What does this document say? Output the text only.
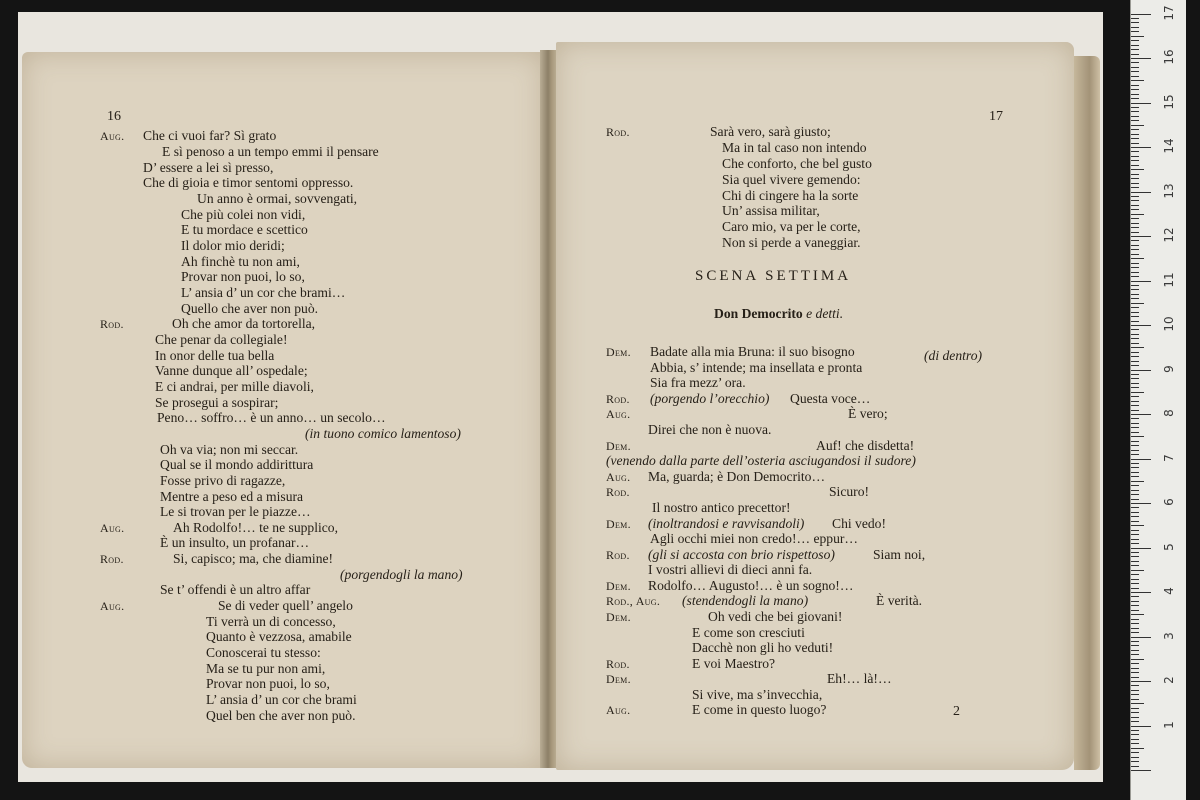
16	17
SCENA SETTIMA
Don Democrito e detti.
2
Aug. Che ci vuoi far? Sì grato
E sì penoso a un tempo emmi il pensare
D’ essere a lei sì presso,
Che di gioia e timor sentomi oppresso.
Un anno è ormai, sovvengati,
Che più colei non vidi,
E tu mordace e scettico
Il dolor mio deridi;
Ah finchè tu non ami,
Provar non puoi, lo so,
L’ ansia d’ un cor che brami…
Quello che aver non può.
Rod.	Oh che amor da tortorella,
Che penar da collegiale!
In onor delle tua bella
Vanne dunque all’ ospedale;
E ci andrai, per mille diavoli,
Se prosegui a sospirar;
Peno… soffro… è un anno… un secolo…
(in tuono comico lamentoso)
Oh va via; non mi seccar.
Qual se il mondo addirittura
Fosse privo di ragazze,
Mentre a peso ed a misura
Le si trovan per le piazze…
Aug.	Ah Rodolfo!… te ne supplico,
È un insulto, un profanar…
Rod.	Si, capisco; ma, che diamine!
(porgendogli la mano)
Se t’ offendi è un altro affar
Aug.	Se di veder quell’ angelo
Ti verrà un di concesso,
Quanto è vezzosa, amabile
Conoscerai tu stesso:
Ma se tu pur non ami,
Provar non puoi, lo so,
L’ ansia d’ un cor che brami
Quel ben che aver non può.
Rod.	Sarà vero, sarà giusto;
Ma in tal caso non intendo
Che conforto, che bel gusto
Sia quel vivere gemendo:
Chi di cingere ha la sorte
Un’ assisa militar,
Caro mio, va per le corte,
Non si perde a vaneggiar.
Dem. Badate alla mia Bruna: il suo bisogno	(di dentro)
Abbia, s’ intende; ma insellata e pronta
Sia fra mezz’ ora.
Rod. (porgendo l’orecchio) Questa voce…
Aug.	È vero;
Direi che non è nuova.
Dem.	Auf! che disdetta!
(venendo dalla parte dell’osteria asciugandosi il sudore)
Aug. Ma, guarda; è Don Democrito…
Rod.	Sicuro!
Il nostro antico precettor!
Dem. (inoltrandosi e ravvisandoli) Chi vedo!
Agli occhi miei non credo!… eppur…
Rod. (gli si accosta con brio rispettoso)	Siam noi,
I vostri allievi di dieci anni fa.
Dem. Rodolfo… Augusto!… è un sogno!…
Rod., Aug. (stendendogli la mano)	È verità.
Dem.	Oh vedi che bei giovani!
E come son cresciuti
Dacchè non gli ho veduti!
Rod.	E voi Maestro?
Dem.	Eh!… là!…
Si vive, ma s’invecchia,
Aug.	E come in questo luogo?
1
2
3
4
5
6
7
8
9
10
11
12
13
14
15
16
17
